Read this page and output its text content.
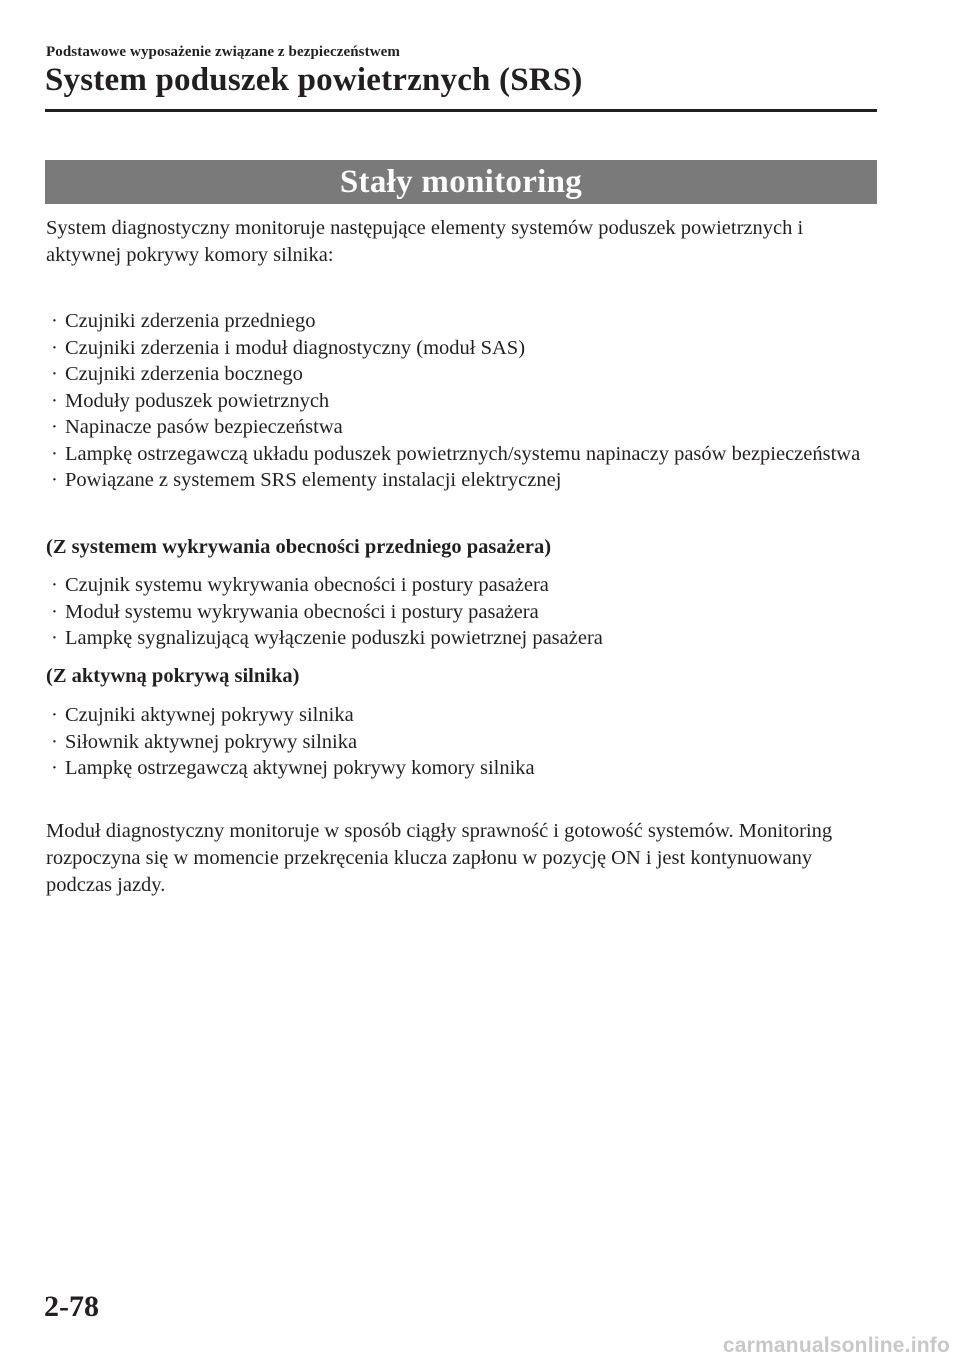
Podstawowe wyposażenie związane z bezpieczeństwem
System poduszek powietrznych (SRS)
Stały monitoring

System diagnostyczny monitoruje następujące elementy systemów poduszek powietrznych i aktywnej pokrywy komory silnika:

· Czujniki zderzenia przedniego
· Czujniki zderzenia i moduł diagnostyczny (moduł SAS)
· Czujniki zderzenia bocznego
· Moduły poduszek powietrznych
· Napinacze pasów bezpieczeństwa
· Lampkę ostrzegawczą układu poduszek powietrznych/systemu napinaczy pasów bezpieczeństwa
· Powiązane z systemem SRS elementy instalacji elektrycznej

(Z systemem wykrywania obecności przedniego pasażera)

· Czujnik systemu wykrywania obecności i postury pasażera
· Moduł systemu wykrywania obecności i postury pasażera
· Lampkę sygnalizującą wyłączenie poduszki powietrznej pasażera

(Z aktywną pokrywą silnika)

· Czujniki aktywnej pokrywy silnika
· Siłownik aktywnej pokrywy silnika
· Lampkę ostrzegawczą aktywnej pokrywy komory silnika

Moduł diagnostyczny monitoruje w sposób ciągły sprawność i gotowość systemów. Monitoring rozpoczyna się w momencie przekręcenia klucza zapłonu w pozycję ON i jest kontynuowany podczas jazdy.

2-78
carmanualsonline.info
